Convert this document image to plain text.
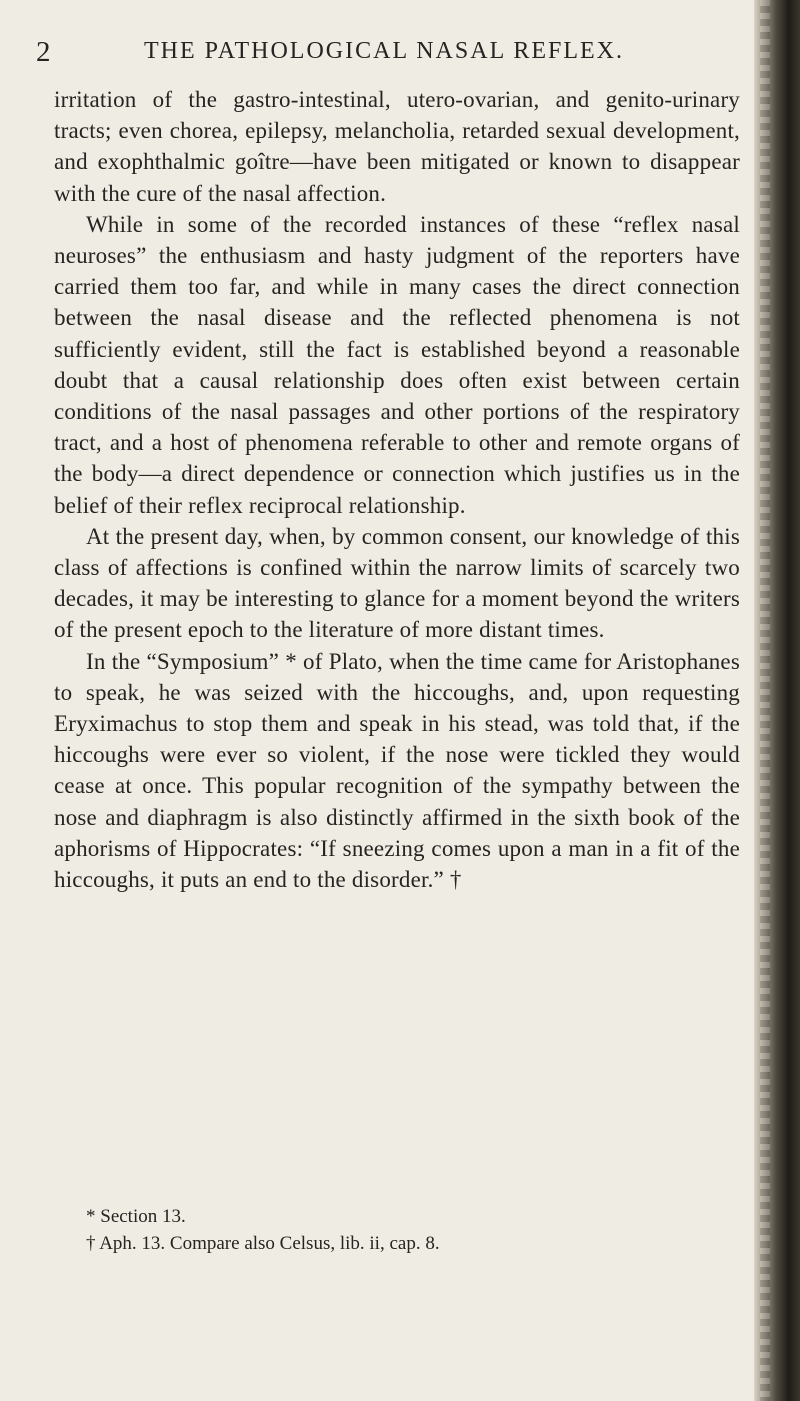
2	THE PATHOLOGICAL NASAL REFLEX.

irritation of the gastro-intestinal, utero-ovarian, and genito-urinary tracts; even chorea, epilepsy, melancholia, retarded sexual development, and exophthalmic goître—have been mitigated or known to disappear with the cure of the nasal affection.

While in some of the recorded instances of these “reflex nasal neuroses” the enthusiasm and hasty judgment of the reporters have carried them too far, and while in many cases the direct connection between the nasal disease and the reflected phenomena is not sufficiently evident, still the fact is established beyond a reasonable doubt that a causal relationship does often exist between certain conditions of the nasal passages and other portions of the respiratory tract, and a host of phenomena referable to other and remote organs of the body—a direct dependence or connection which justifies us in the belief of their reflex reciprocal relationship.

At the present day, when, by common consent, our knowledge of this class of affections is confined within the narrow limits of scarcely two decades, it may be interesting to glance for a moment beyond the writers of the present epoch to the literature of more distant times.

In the “Symposium” * of Plato, when the time came for Aristophanes to speak, he was seized with the hiccoughs, and, upon requesting Eryximachus to stop them and speak in his stead, was told that, if the hiccoughs were ever so violent, if the nose were tickled they would cease at once. This popular recognition of the sympathy between the nose and diaphragm is also distinctly affirmed in the sixth book of the aphorisms of Hippocrates: “If sneezing comes upon a man in a fit of the hiccoughs, it puts an end to the disorder.” †

* Section 13.

† Aph. 13. Compare also Celsus, lib. ii, cap. 8.
